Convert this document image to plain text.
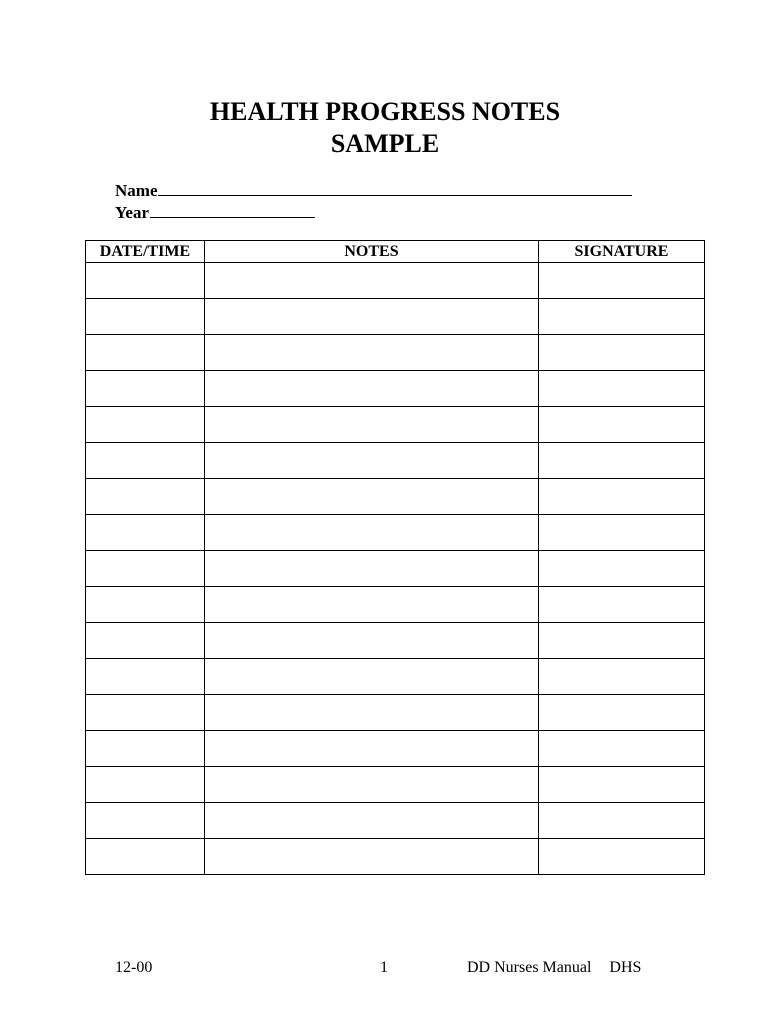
HEALTH PROGRESS NOTES
SAMPLE
Name
Year
DATE/TIME	NOTES	SIGNATURE

12-00	1	DD Nurses Manual DHS
